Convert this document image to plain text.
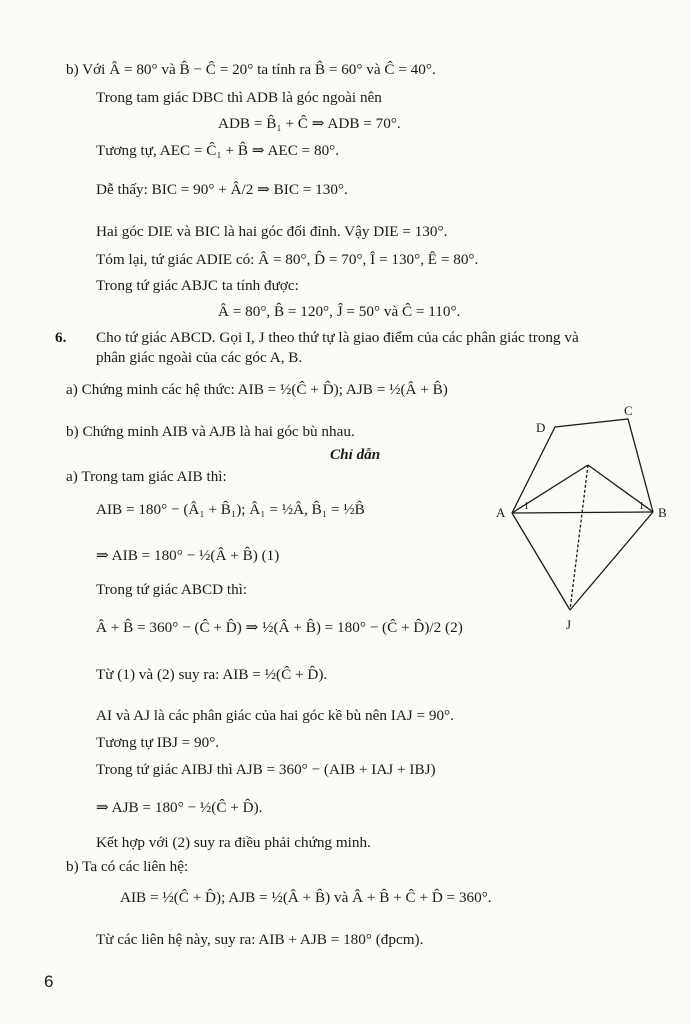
b) Với Â = 80° và B̂ − Ĉ = 20° ta tính ra B̂ = 60° và Ĉ = 40°.
Trong tam giác DBC thì ADB là góc ngoài nên
ADB = B̂₁ + Ĉ ⇒ ADB = 70°.
Tương tự, AEC = Ĉ₁ + B̂ ⇒ AEC = 80°.
Dễ thấy: BIC = 90° + Â/2 ⇒ BIC = 130°.
Hai góc DIE và BIC là hai góc đối đỉnh. Vậy DIE = 130°.
Tóm lại, tứ giác ADIE có: Â = 80°, D̂ = 70°, Î = 130°, Ê = 80°.
Trong tứ giác ABJC ta tính được:
Â = 80°, B̂ = 120°, Ĵ = 50° và Ĉ = 110°.
6. Cho tứ giác ABCD. Gọi I, J theo thứ tự là giao điểm của các phân giác trong và
phân giác ngoài của các góc A, B.
a) Chứng minh các hệ thức: AIB = ½(Ĉ + D̂); AJB = ½(Â + B̂)
b) Chứng minh AIB và AJB là hai góc bù nhau.
Chỉ dẫn
a) Trong tam giác AIB thì:
AIB = 180° − (Â₁ + B̂₁); Â₁ = ½Â, B̂₁ = ½B̂
⇒ AIB = 180° − ½(Â + B̂) (1)
Trong tứ giác ABCD thì:
Â + B̂ = 360° − (Ĉ + D̂) ⇒ ½(Â + B̂) = 180° − (Ĉ + D̂)/2 (2)
Từ (1) và (2) suy ra: AIB = ½(Ĉ + D̂).
AI và AJ là các phân giác của hai góc kề bù nên IAJ = 90°.
Tương tự IBJ = 90°.
Trong tứ giác AIBJ thì AJB = 360° − (AIB + IAJ + IBJ)
⇒ AJB = 180° − ½(Ĉ + D̂).
Kết hợp với (2) suy ra điều phải chứng minh.
b) Ta có các liên hệ:
AIB = ½(Ĉ + D̂); AJB = ½(Â + B̂) và Â + B̂ + Ĉ + D̂ = 360°.
Từ các liên hệ này, suy ra: AIB + AJB = 180° (đpcm).
A	B
C
D
J
1	1
6
